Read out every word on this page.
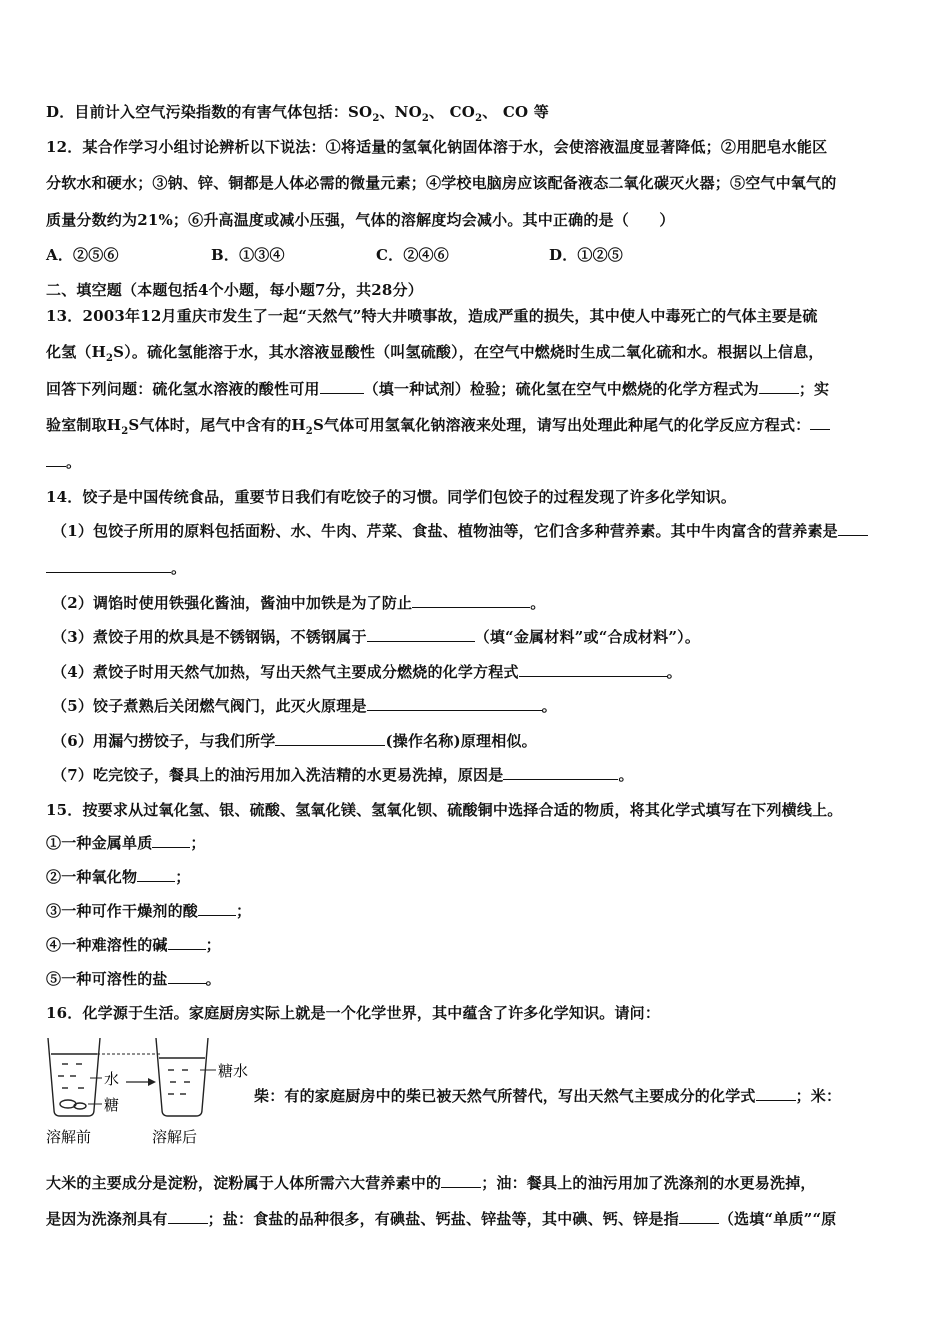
D．目前计入空气污染指数的有害气体包括：$SO_2$、$NO_2$、 $CO_2$、 CO 等
12．某合作学习小组讨论辨析以下说法：①将适量的氢氧化钠固体溶于水，会使溶液温度显著降低；②用肥皂水能区
分软水和硬水；③钠、锌、铜都是人体必需的微量元素；④学校电脑房应该配备液态二氧化碳灭火器；⑤空气中氧气的
质量分数约为21%；⑥升高温度或减小压强，气体的溶解度均会减小。其中正确的是（　　）
A．②⑤⑥	B．①③④	C．②④⑥	D．①②⑤
二、填空题（本题包括4个小题，每小题7分，共28分）
13．2003年12月重庆市发生了一起“天然气”特大井喷事故，造成严重的损失，其中使人中毒死亡的气体主要是硫
化氢$(H_2S)$。硫化氢能溶于水，其水溶液显酸性（叫氢硫酸），在空气中燃烧时生成二氧化硫和水。根据以上信息，
回答下列问题：硫化氢水溶液的酸性可用	（填一种试剂）检验；硫化氢在空气中燃烧的化学方程式为	；实
验室制取$H_2S$气体时，尾气中含有的$H_2S$气体可用氢氧化钠溶液来处理，请写出处理此种尾气的化学反应方程式：
。
14．饺子是中国传统食品，重要节日我们有吃饺子的习惯。同学们包饺子的过程发现了许多化学知识。
（1）包饺子所用的原料包括面粉、水、牛肉、芹菜、食盐、植物油等，它们含多种营养素。其中牛肉富含的营养素是
。
（2）调馅时使用铁强化酱油，酱油中加铁是为了防止	。
（3）煮饺子用的炊具是不锈钢锅，不锈钢属于	（填“金属材料”或“合成材料”）。
（4）煮饺子时用天然气加热，写出天然气主要成分燃烧的化学方程式	。
（5）饺子煮熟后关闭燃气阀门，此灭火原理是	。
（6）用漏勺捞饺子，与我们所学	(操作名称)原理相似。
（7）吃完饺子，餐具上的油污用加入洗洁精的水更易洗掉，原因是	。
15．按要求从过氧化氢、银、硫酸、氢氧化镁、氢氧化钡、硫酸铜中选择合适的物质，将其化学式填写在下列横线上。
①一种金属单质	；
②一种氧化物	；
③一种可作干燥剂的酸	；
④一种难溶性的碱	；
⑤一种可溶性的盐	。
16．化学源于生活。家庭厨房实际上就是一个化学世界，其中蕴含了许多化学知识。请问：
水
糖
糖水
溶解前	溶解后
柴：有的家庭厨房中的柴已被天然气所替代，写出天然气主要成分的化学式	；米：
大米的主要成分是淀粉，淀粉属于人体所需六大营养素中的	；油：餐具上的油污用加了洗涤剂的水更易洗掉，
是因为洗涤剂具有	；盐：食盐的品种很多，有碘盐、钙盐、锌盐等，其中碘、钙、锌是指	（选填“单质”“原
